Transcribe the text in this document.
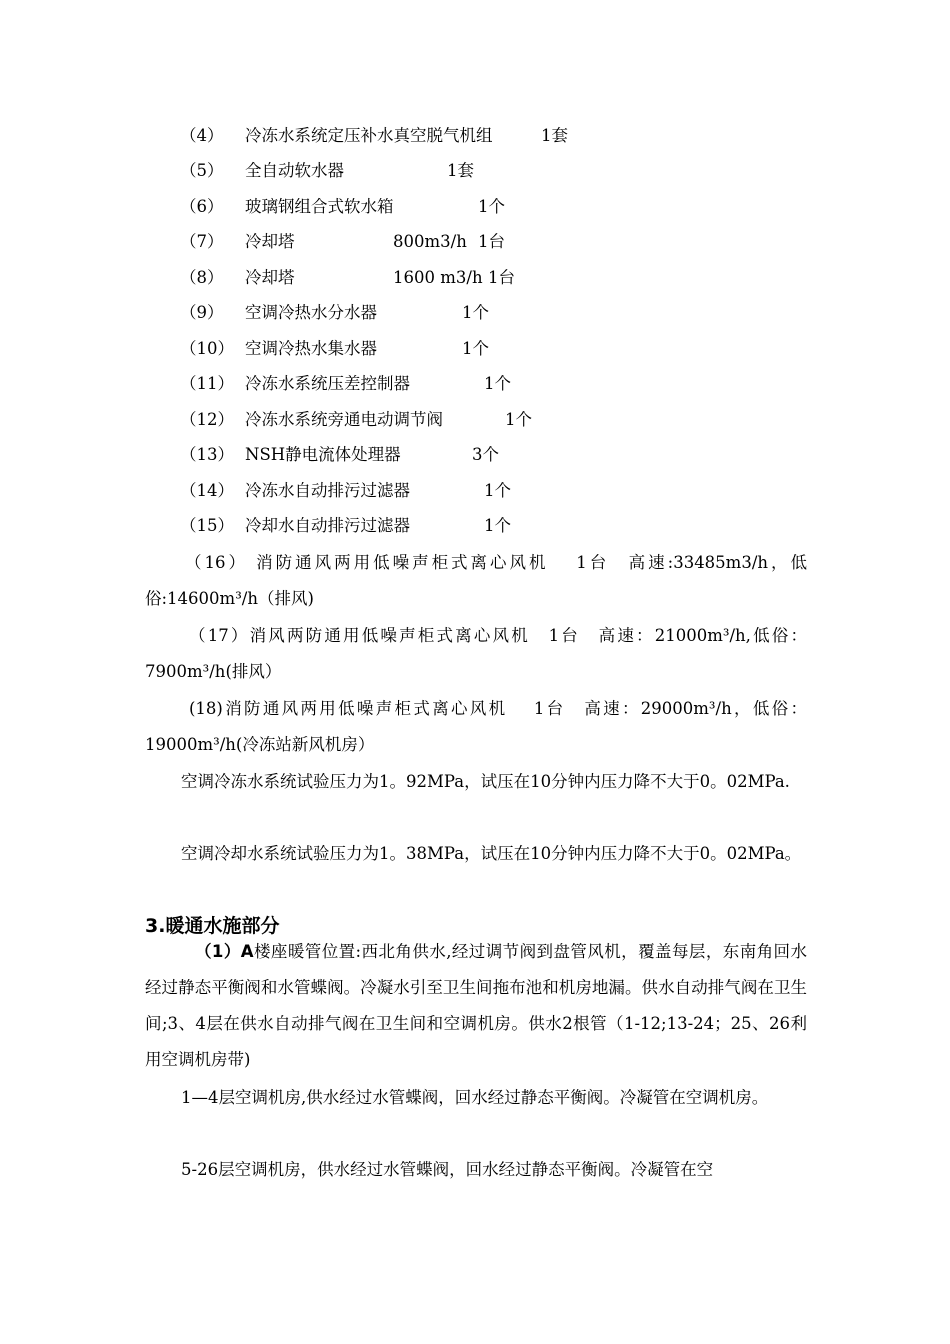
（4） 冷冻水系统定压补水真空脱气机组	1套
（5） 全自动软水器	1套
（6） 玻璃钢组合式软水箱	1个
（7） 冷却塔	800m3/h 1台
（8） 冷却塔	1600 m3/h 1台
（9） 空调冷热水分水器	1个
（10） 空调冷热水集水器	1个
（11） 冷冻水系统压差控制器	1个
（12） 冷冻水系统旁通电动调节阀	1个
（13） NSH静电流体处理器	3个
（14） 冷冻水自动排污过滤器	1个
（15） 冷却水自动排污过滤器	1个
（16） 消防通风两用低噪声柜式离心风机　 1台　高速:33485m3/h，低俗:14600m³/h（排风)
（17）消风两防通用低噪声柜式离心风机　1台　高速：21000m³/h,低俗：7900m³/h(排风）
(18)消防通风两用低噪声柜式离心风机　 1台　高速：29000m³/h，低俗：19000m³/h(冷冻站新风机房）
空调冷冻水系统试验压力为1。92MPa，试压在10分钟内压力降不大于0。02MPa.
空调冷却水系统试验压力为1。38MPa，试压在10分钟内压力降不大于0。02MPa。
3.暖通水施部分
（1）A楼座暖管位置:西北角供水,经过调节阀到盘管风机，覆盖每层，东南角回水经过静态平衡阀和水管蝶阀。冷凝水引至卫生间拖布池和机房地漏。供水自动排气阀在卫生间;3、4层在供水自动排气阀在卫生间和空调机房。供水2根管（1-12;13-24；25、26利用空调机房带)
1—4层空调机房,供水经过水管蝶阀，回水经过静态平衡阀。冷凝管在空调机房。
5-26层空调机房，供水经过水管蝶阀，回水经过静态平衡阀。冷凝管在空
